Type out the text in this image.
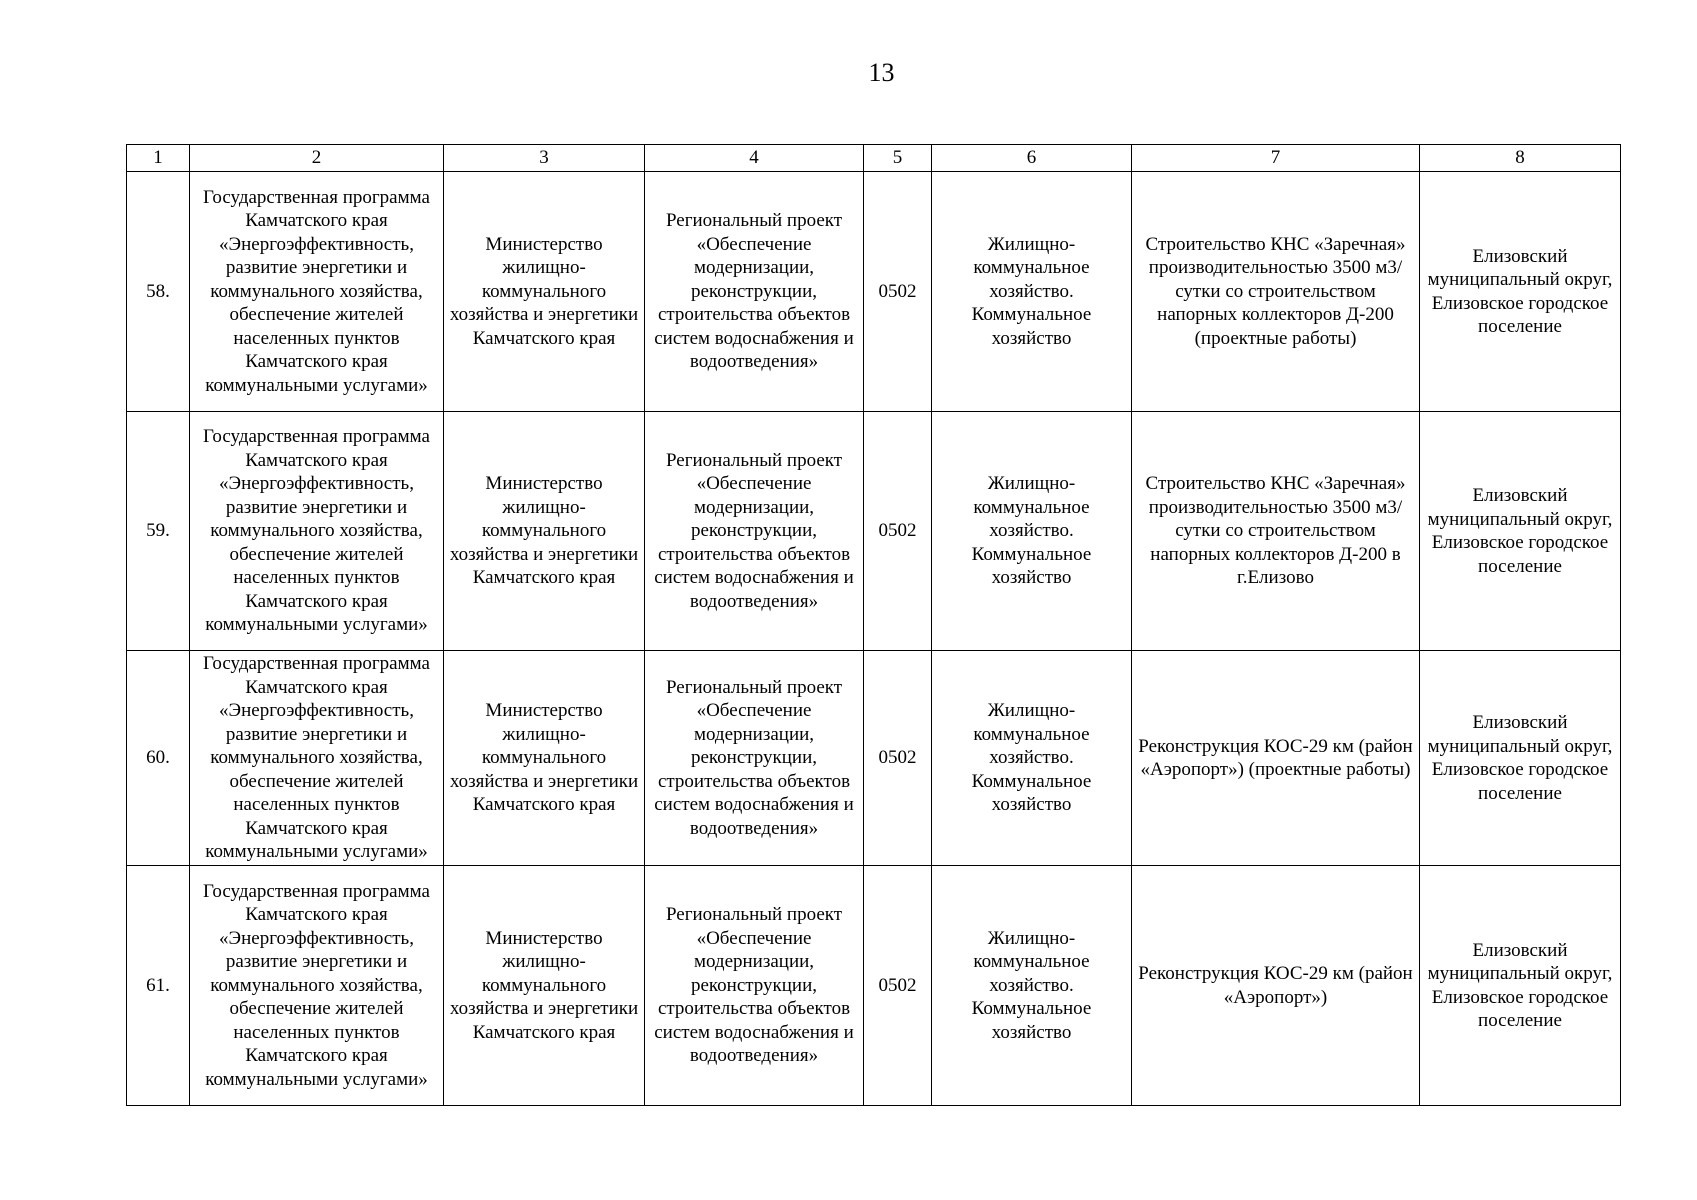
13
1	2	3	4	5	6	7	8
58.	Государственная программа Камчатского края «Энергоэффективность, развитие энергетики и коммунального хозяйства, обеспечение жителей населенных пунктов Камчатского края коммунальными услугами»	Министерство жилищно-коммунального хозяйства и энергетики Камчатского края	Региональный проект «Обеспечение модернизации, реконструкции, строительства объектов систем водоснабжения и водоотведения»	0502	Жилищно-коммунальное хозяйство. Коммунальное хозяйство	Строительство КНС «Заречная» производительностью 3500 м3/сутки со строительством напорных коллекторов Д-200 (проектные работы)	Елизовский муниципальный округ, Елизовское городское поселение
59.	Государственная программа Камчатского края «Энергоэффективность, развитие энергетики и коммунального хозяйства, обеспечение жителей населенных пунктов Камчатского края коммунальными услугами»	Министерство жилищно-коммунального хозяйства и энергетики Камчатского края	Региональный проект «Обеспечение модернизации, реконструкции, строительства объектов систем водоснабжения и водоотведения»	0502	Жилищно-коммунальное хозяйство. Коммунальное хозяйство	Строительство КНС «Заречная» производительностью 3500 м3/сутки со строительством напорных коллекторов Д-200 в г.Елизово	Елизовский муниципальный округ, Елизовское городское поселение
60.	Государственная программа Камчатского края «Энергоэффективность, развитие энергетики и коммунального хозяйства, обеспечение жителей населенных пунктов Камчатского края коммунальными услугами»	Министерство жилищно-коммунального хозяйства и энергетики Камчатского края	Региональный проект «Обеспечение модернизации, реконструкции, строительства объектов систем водоснабжения и водоотведения»	0502	Жилищно-коммунальное хозяйство. Коммунальное хозяйство	Реконструкция КОС-29 км (район «Аэропорт») (проектные работы)	Елизовский муниципальный округ, Елизовское городское поселение
61.	Государственная программа Камчатского края «Энергоэффективность, развитие энергетики и коммунального хозяйства, обеспечение жителей населенных пунктов Камчатского края коммунальными услугами»	Министерство жилищно-коммунального хозяйства и энергетики Камчатского края	Региональный проект «Обеспечение модернизации, реконструкции, строительства объектов систем водоснабжения и водоотведения»	0502	Жилищно-коммунальное хозяйство. Коммунальное хозяйство	Реконструкция КОС-29 км (район «Аэропорт»)	Елизовский муниципальный округ, Елизовское городское поселение
